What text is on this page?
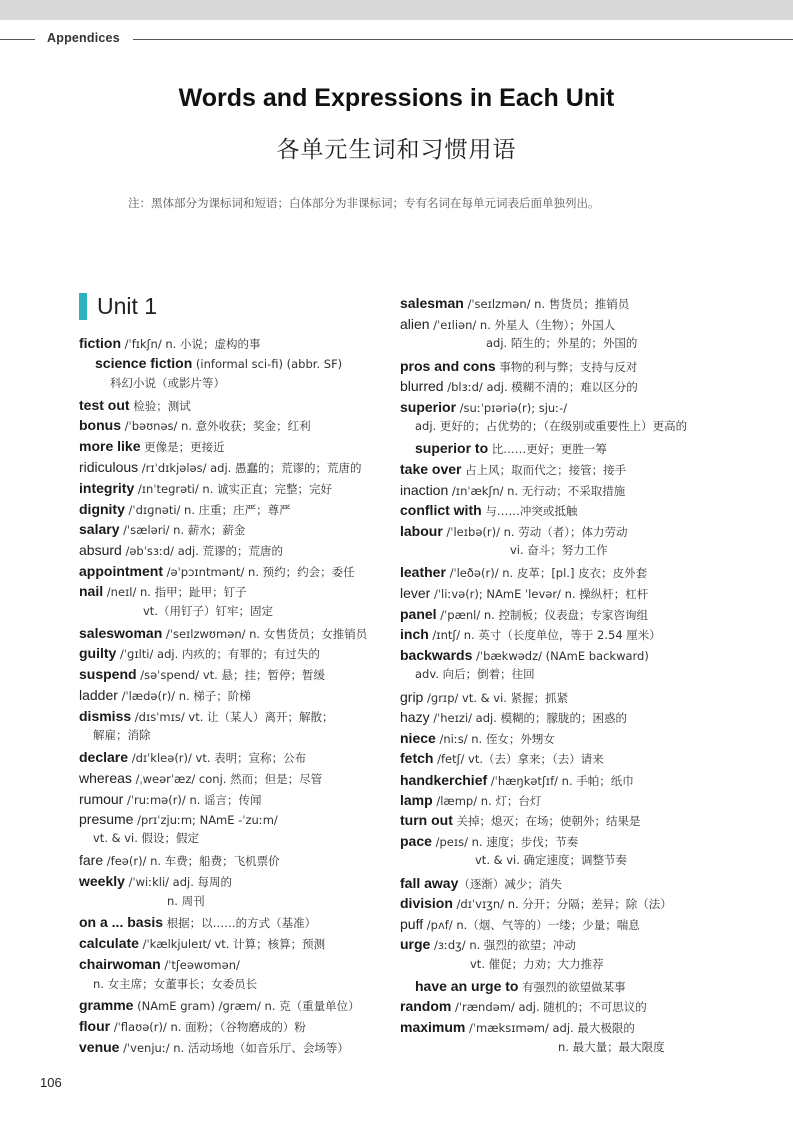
Appendices
Words and Expressions in Each Unit
各单元生词和习惯用语
注：黑体部分为课标词和短语；白体部分为非课标词；专有名词在每单元词表后面单独列出。
Unit 1
fiction /ˈfɪkʃn/ n. 小说；虚构的事
science fiction (informal sci-fi) (abbr. SF)
科幻小说（或影片等）
test out 检验；测试
bonus /ˈbəʊnəs/ n. 意外收获；奖金；红利
more like 更像是；更接近
ridiculous /rɪˈdɪkjələs/ adj. 愚蠢的；荒谬的；荒唐的
integrity /ɪnˈteɡrəti/ n. 诚实正直；完整；完好
dignity /ˈdɪɡnəti/ n. 庄重；庄严；尊严
salary /ˈsæləri/ n. 薪水；薪金
absurd /əbˈsɜːd/ adj. 荒谬的；荒唐的
appointment /əˈpɔɪntmənt/ n. 预约；约会；委任
nail /neɪl/ n. 指甲；趾甲；钉子
vt.（用钉子）钉牢；固定
saleswoman /ˈseɪlzwʊmən/ n. 女售货员；女推销员
guilty /ˈɡɪlti/ adj. 内疚的；有罪的；有过失的
suspend /səˈspend/ vt. 悬；挂；暂停；暂缓
ladder /ˈlædə(r)/ n. 梯子；阶梯
dismiss /dɪsˈmɪs/ vt. 让（某人）离开；解散；
解雇；消除
declare /dɪˈkleə(r)/ vt. 表明；宣称；公布
whereas /ˌweərˈæz/ conj. 然而；但是；尽管
rumour /ˈruːmə(r)/ n. 谣言；传闻
presume /prɪˈzjuːm; NAmE -ˈzuːm/
vt. & vi. 假设；假定
fare /feə(r)/ n. 车费；船费；飞机票价
weekly /ˈwiːkli/ adj. 每周的
n. 周刊
on a ... basis 根据；以……的方式（基准）
calculate /ˈkælkjuleɪt/ vt. 计算；核算；预测
chairwoman /ˈtʃeəwʊmən/
n. 女主席；女董事长；女委员长
gramme (NAmE gram) /ɡræm/ n. 克（重量单位）
flour /ˈflaʊə(r)/ n. 面粉；（谷物磨成的）粉
venue /ˈvenjuː/ n. 活动场地（如音乐厅、会场等）
salesman /ˈseɪlzmən/ n. 售货员；推销员
alien /ˈeɪliən/ n. 外星人（生物）；外国人
adj. 陌生的；外星的；外国的
pros and cons 事物的利与弊；支持与反对
blurred /blɜːd/ adj. 模糊不清的；难以区分的
superior /suːˈpɪəriə(r); sjuː-/
adj. 更好的；占优势的；（在级别或重要性上）更高的
superior to 比……更好；更胜一筹
take over 占上风；取而代之；接管；接手
inaction /ɪnˈækʃn/ n. 无行动；不采取措施
conflict with 与……冲突或抵触
labour /ˈleɪbə(r)/ n. 劳动（者）；体力劳动
vi. 奋斗；努力工作
leather /ˈleðə(r)/ n. 皮革；[pl.] 皮衣；皮外套
lever /ˈliːvə(r); NAmE ˈlevər/ n. 操纵杆；杠杆
panel /ˈpænl/ n. 控制板；仪表盘；专家咨询组
inch /ɪntʃ/ n. 英寸（长度单位，等于 2.54 厘米）
backwards /ˈbækwədz/ (NAmE backward)
adv. 向后；倒着；往回
grip /ɡrɪp/ vt. & vi. 紧握；抓紧
hazy /ˈheɪzi/ adj. 模糊的；朦胧的；困惑的
niece /niːs/ n. 侄女；外甥女
fetch /fetʃ/ vt.（去）拿来；（去）请来
handkerchief /ˈhæŋkətʃɪf/ n. 手帕；纸巾
lamp /læmp/ n. 灯；台灯
turn out 关掉；熄灭；在场；使朝外；结果是
pace /peɪs/ n. 速度；步伐；节奏
vt. & vi. 确定速度；调整节奏
fall away（逐渐）减少；消失
division /dɪˈvɪʒn/ n. 分开；分隔；差异；除（法）
puff /pʌf/ n.（烟、气等的）一缕；少量；喘息
urge /ɜːdʒ/ n. 强烈的欲望；冲动
vt. 催促；力劝；大力推荐
have an urge to 有强烈的欲望做某事
random /ˈrændəm/ adj. 随机的；不可思议的
maximum /ˈmæksɪməm/ adj. 最大极限的
n. 最大量；最大限度
106
